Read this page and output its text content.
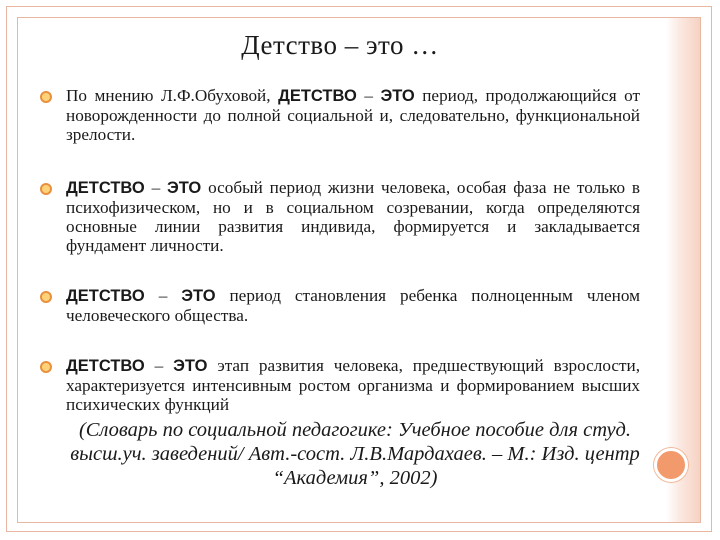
Детство – это …

По мнению Л.Ф.Обуховой, ДЕТСТВО – ЭТО период, продолжающийся от новорожденности до полной социальной и, следовательно, функциональной зрелости.

ДЕТСТВО – ЭТО особый период жизни человека, особая фаза не только в психофизическом, но и в социальном созревании, когда определяются основные линии развития индивида, формируется и закладывается фундамент личности.

ДЕТСТВО – ЭТО период становления ребенка полноценным членом человеческого общества.

ДЕТСТВО – ЭТО этап развития человека, предшествующий взрослости, характеризуется интенсивным ростом организма и формированием высших психических функций

(Словарь по социальной педагогике: Учебное пособие для студ. высш.уч. заведений/ Авт.-сост. Л.В.Мардахаев. – М.: Изд. центр “Академия”, 2002)
